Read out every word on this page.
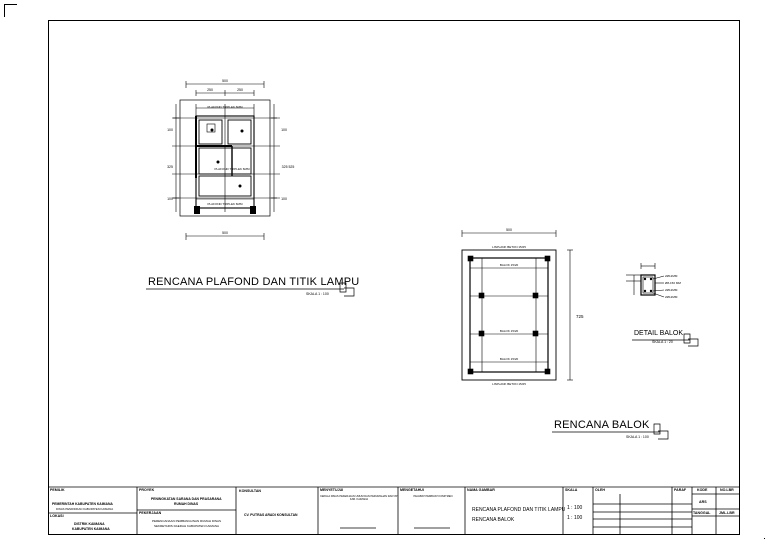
500
250	250
PLAFOND TRIPLEK 6MM
PLAFOND TRIPLEK 6MM
PLAFOND TRIPLEK 6MM
100
325
100
100
325 525
100
500
500
LISPLANK BETON 15/25
BALOK 15/20
BALOK 15/20
BALOK 15/20
LISPLANK BETON 15/25
725
2Ø12MM
Ø8-150 MM
2Ø12MM
2Ø12MM
RENCANA PLAFOND DAN TITIK LAMPU
SKALA 1 : 100
RENCANA BALOK
SKALA 1 : 100
DETAIL BALOK
SKALA 1 : 20
PEMILIK
PEMERINTAH KABUPATEN KAIMANA
DINAS PENDIDIKAN KABUPATEN KAIMANA
LOKASI
DISTRIK KAIMANA
KABUPATEN KAIMANA
PROYEK
PENINGKATAN SARANA DAN PRASARANA
RUMAH DINAS
PEKERJAAN
PERENCANAAN PEMBANGUNAN RUMAH DINAS
SEKRETARIS DAERAH KABUPATEN KAIMANA
KONSULTAN
CV. PUTRAS ARADI KONSULTAN
MENYETUJUI
KEPALA DINAS PEKERJAAN UMUM DAN PERUMAHAN RAKYAT KAB. KAIMANA
MENGETAHUI
PEJABAT PEMBUAT KOMITMEN
NAMA GAMBAR
RENCANA PLAFOND DAN TITIK LAMPU
RENCANA BALOK
SKALA
1 : 100
1 : 100
OLEH	PARAF	KODE	NO.LBR
ARS
TANGGAL JML.LBR
